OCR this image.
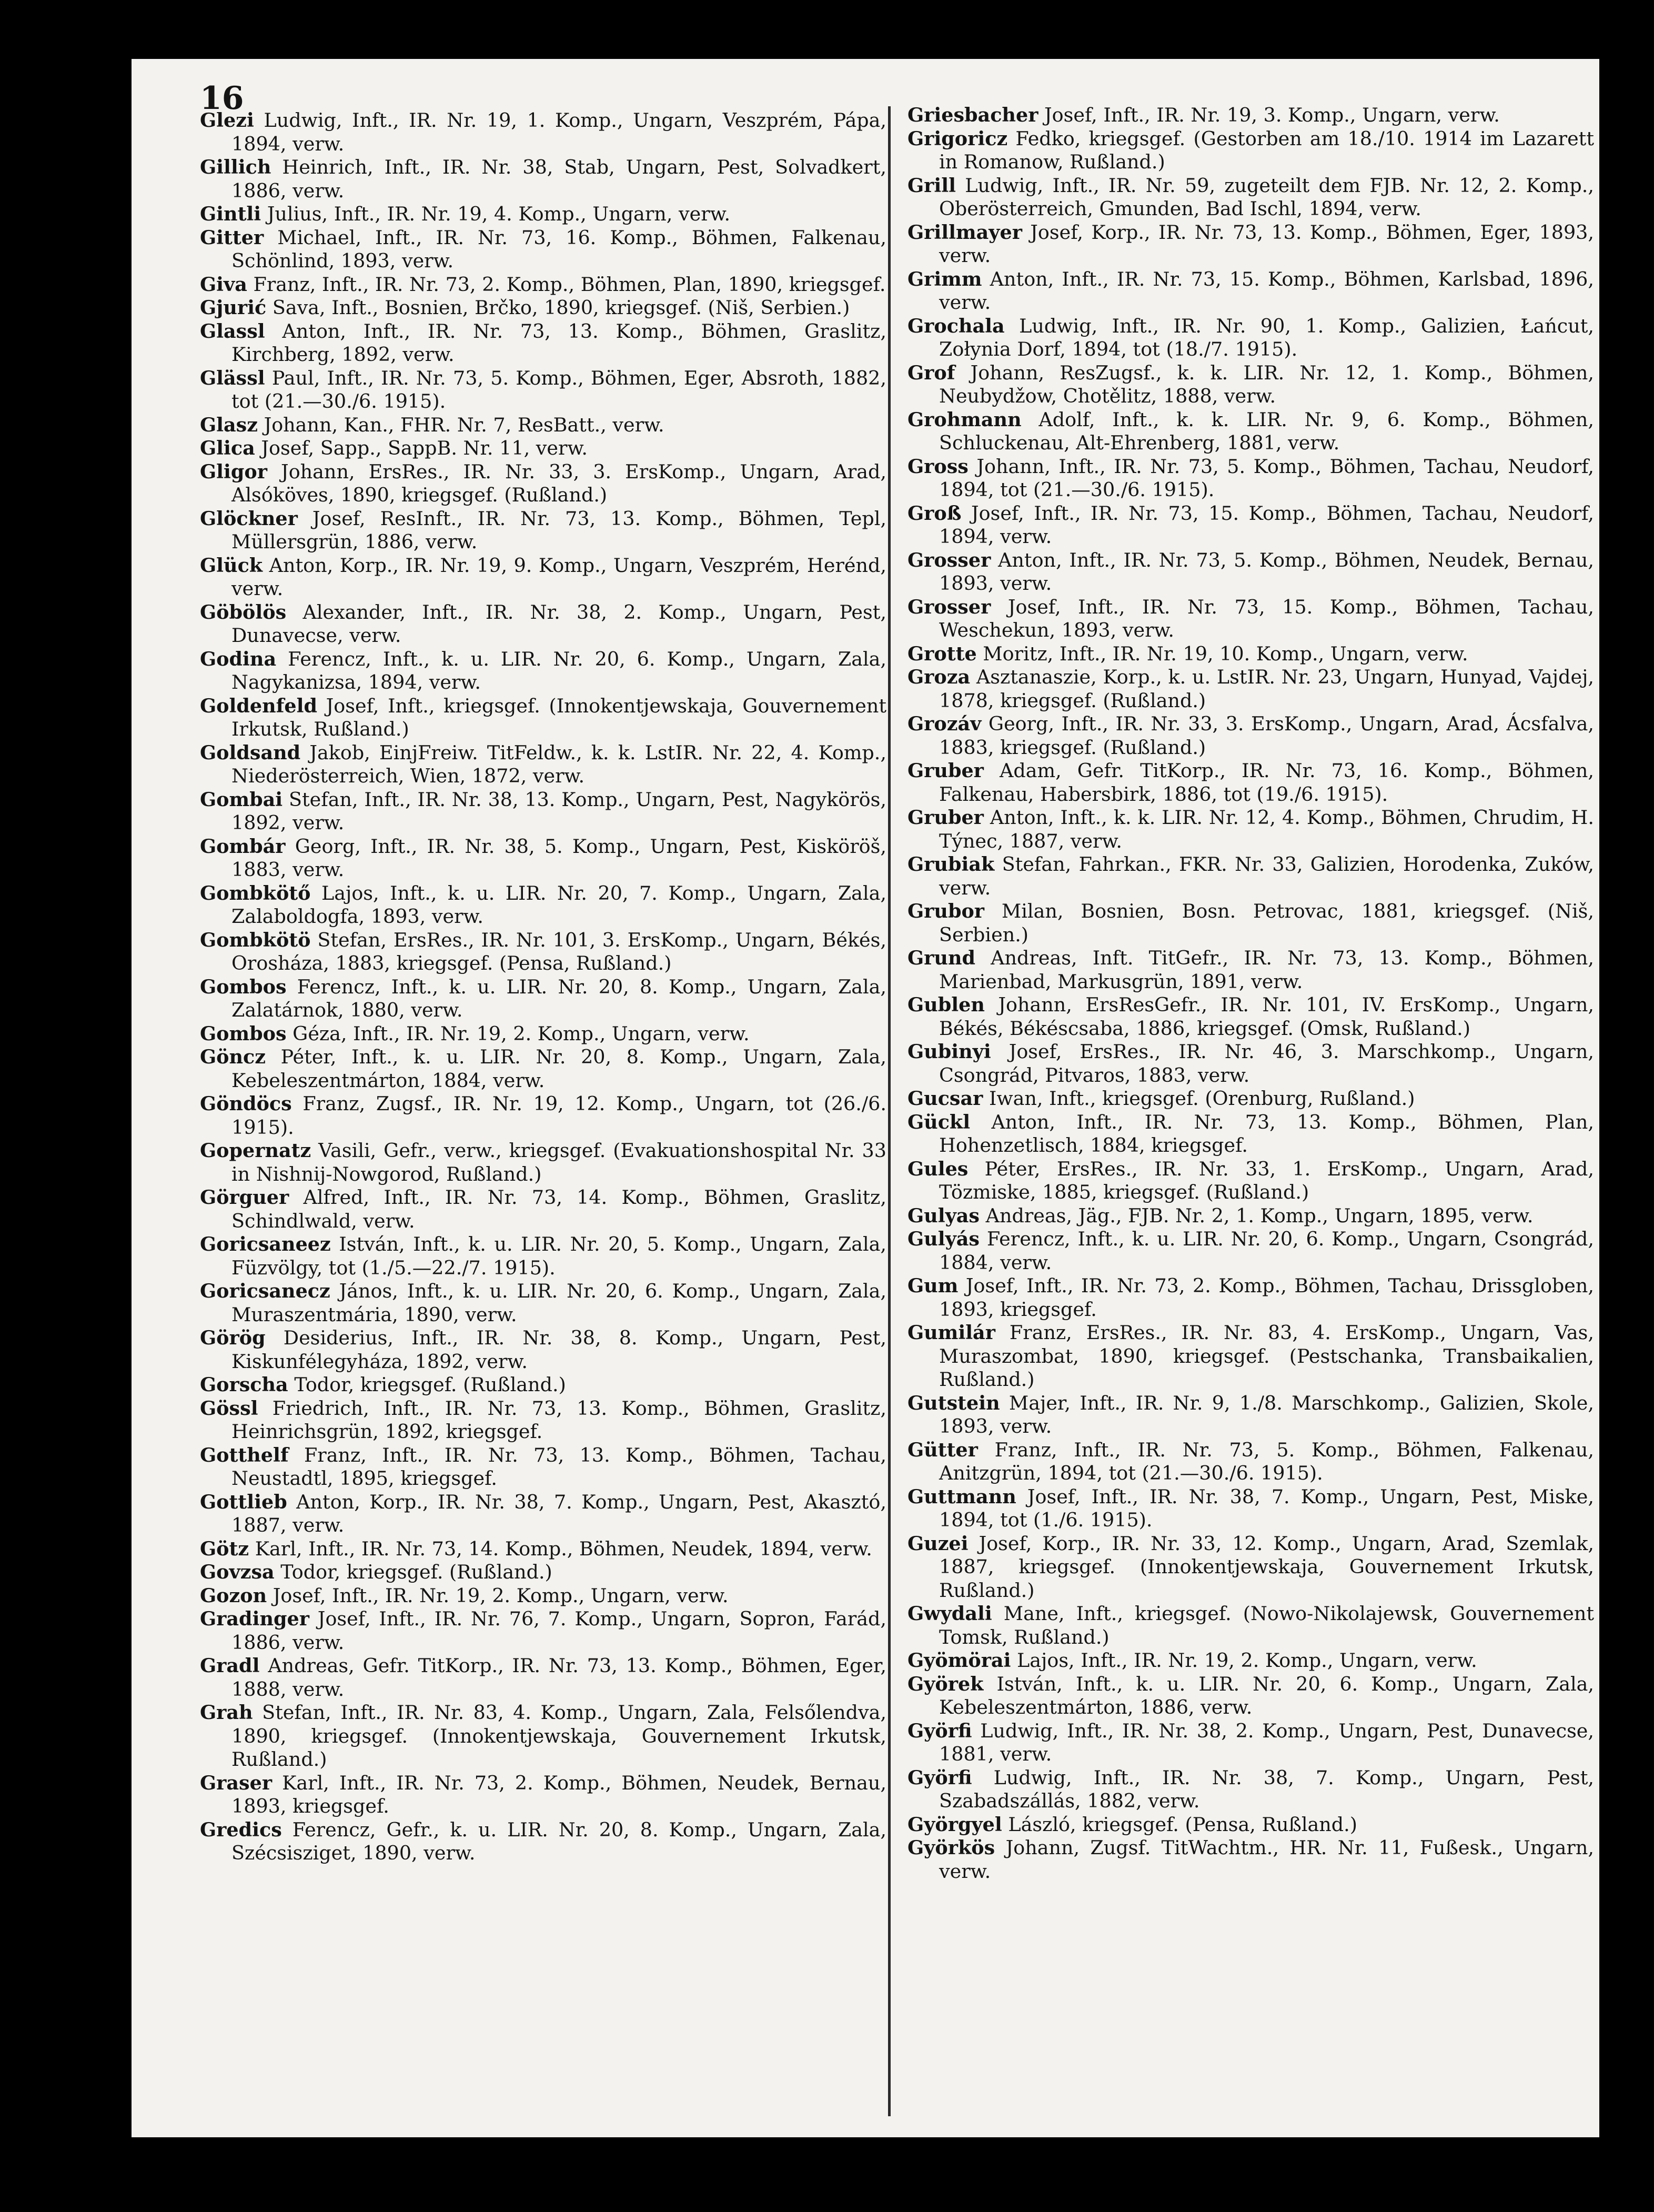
16

Glezi Ludwig, Inft., IR. Nr. 19, 1. Komp., Ungarn, Veszprém, Pápa, 1894, verw.

Gillich Heinrich, Inft., IR. Nr. 38, Stab, Ungarn, Pest, Solvadkert, 1886, verw.

Gintli Julius, Inft., IR. Nr. 19, 4. Komp., Ungarn, verw.

Gitter Michael, Inft., IR. Nr. 73, 16. Komp., Böhmen, Falkenau, Schönlind, 1893, verw.

Giva Franz, Inft., IR. Nr. 73, 2. Komp., Böhmen, Plan, 1890, kriegsgef.

Gjurić Sava, Inft., Bosnien, Brčko, 1890, kriegsgef. (Niš, Serbien.)

Glassl Anton, Inft., IR. Nr. 73, 13. Komp., Böhmen, Graslitz, Kirchberg, 1892, verw.

Glässl Paul, Inft., IR. Nr. 73, 5. Komp., Böhmen, Eger, Absroth, 1882, tot (21.—30./6. 1915).

Glasz Johann, Kan., FHR. Nr. 7, ResBatt., verw.

Glica Josef, Sapp., SappB. Nr. 11, verw.

Gligor Johann, ErsRes., IR. Nr. 33, 3. ErsKomp., Ungarn, Arad, Alsóköves, 1890, kriegsgef. (Rußland.)

Glöckner Josef, ResInft., IR. Nr. 73, 13. Komp., Böhmen, Tepl, Müllersgrün, 1886, verw.

Glück Anton, Korp., IR. Nr. 19, 9. Komp., Ungarn, Veszprém, Herénd, verw.

Göbölös Alexander, Inft., IR. Nr. 38, 2. Komp., Ungarn, Pest, Dunavecse, verw.

Godina Ferencz, Inft., k. u. LIR. Nr. 20, 6. Komp., Ungarn, Zala, Nagykanizsa, 1894, verw.

Goldenfeld Josef, Inft., kriegsgef. (Innokentjewskaja, Gouvernement Irkutsk, Rußland.)

Goldsand Jakob, EinjFreiw. TitFeldw., k. k. LstIR. Nr. 22, 4. Komp., Niederösterreich, Wien, 1872, verw.

Gombai Stefan, Inft., IR. Nr. 38, 13. Komp., Ungarn, Pest, Nagykörös, 1892, verw.

Gombár Georg, Inft., IR. Nr. 38, 5. Komp., Ungarn, Pest, Kisköröš, 1883, verw.

Gombkötő Lajos, Inft., k. u. LIR. Nr. 20, 7. Komp., Ungarn, Zala, Zalaboldogfa, 1893, verw.

Gombkötö Stefan, ErsRes., IR. Nr. 101, 3. ErsKomp., Ungarn, Békés, Orosháza, 1883, kriegsgef. (Pensa, Rußland.)

Gombos Ferencz, Inft., k. u. LIR. Nr. 20, 8. Komp., Ungarn, Zala, Zalatárnok, 1880, verw.

Gombos Géza, Inft., IR. Nr. 19, 2. Komp., Ungarn, verw.

Göncz Péter, Inft., k. u. LIR. Nr. 20, 8. Komp., Ungarn, Zala, Kebeleszentmárton, 1884, verw.

Göndöcs Franz, Zugsf., IR. Nr. 19, 12. Komp., Ungarn, tot (26./6. 1915).

Gopernatz Vasili, Gefr., verw., kriegsgef. (Evakuationshospital Nr. 33 in Nishnij-Nowgorod, Rußland.)

Görguer Alfred, Inft., IR. Nr. 73, 14. Komp., Böhmen, Graslitz, Schindlwald, verw.

Goricsaneez István, Inft., k. u. LIR. Nr. 20, 5. Komp., Ungarn, Zala, Füzvölgy, tot (1./5.—22./7. 1915).

Goricsanecz János, Inft., k. u. LIR. Nr. 20, 6. Komp., Ungarn, Zala, Muraszentmária, 1890, verw.

Görög Desiderius, Inft., IR. Nr. 38, 8. Komp., Ungarn, Pest, Kiskunfélegyháza, 1892, verw.

Gorscha Todor, kriegsgef. (Rußland.)

Gössl Friedrich, Inft., IR. Nr. 73, 13. Komp., Böhmen, Graslitz, Heinrichsgrün, 1892, kriegsgef.

Gotthelf Franz, Inft., IR. Nr. 73, 13. Komp., Böhmen, Tachau, Neustadtl, 1895, kriegsgef.

Gottlieb Anton, Korp., IR. Nr. 38, 7. Komp., Ungarn, Pest, Akasztó, 1887, verw.

Götz Karl, Inft., IR. Nr. 73, 14. Komp., Böhmen, Neudek, 1894, verw.

Govzsa Todor, kriegsgef. (Rußland.)

Gozon Josef, Inft., IR. Nr. 19, 2. Komp., Ungarn, verw.

Gradinger Josef, Inft., IR. Nr. 76, 7. Komp., Ungarn, Sopron, Farád, 1886, verw.

Gradl Andreas, Gefr. TitKorp., IR. Nr. 73, 13. Komp., Böhmen, Eger, 1888, verw.

Grah Stefan, Inft., IR. Nr. 83, 4. Komp., Ungarn, Zala, Felsőlendva, 1890, kriegsgef. (Innokentjewskaja, Gouvernement Irkutsk, Rußland.)

Graser Karl, Inft., IR. Nr. 73, 2. Komp., Böhmen, Neudek, Bernau, 1893, kriegsgef.

Gredics Ferencz, Gefr., k. u. LIR. Nr. 20, 8. Komp., Ungarn, Zala, Szécsisziget, 1890, verw.

Griesbacher Josef, Inft., IR. Nr. 19, 3. Komp., Ungarn, verw.

Grigoricz Fedko, kriegsgef. (Gestorben am 18./10. 1914 im Lazarett in Romanow, Rußland.)

Grill Ludwig, Inft., IR. Nr. 59, zugeteilt dem FJB. Nr. 12, 2. Komp., Oberösterreich, Gmunden, Bad Ischl, 1894, verw.

Grillmayer Josef, Korp., IR. Nr. 73, 13. Komp., Böhmen, Eger, 1893, verw.

Grimm Anton, Inft., IR. Nr. 73, 15. Komp., Böhmen, Karlsbad, 1896, verw.

Grochala Ludwig, Inft., IR. Nr. 90, 1. Komp., Galizien, Łańcut, Zołynia Dorf, 1894, tot (18./7. 1915).

Grof Johann, ResZugsf., k. k. LIR. Nr. 12, 1. Komp., Böhmen, Neubydžow, Chotělitz, 1888, verw.

Grohmann Adolf, Inft., k. k. LIR. Nr. 9, 6. Komp., Böhmen, Schluckenau, Alt-Ehrenberg, 1881, verw.

Gross Johann, Inft., IR. Nr. 73, 5. Komp., Böhmen, Tachau, Neudorf, 1894, tot (21.—30./6. 1915).

Groß Josef, Inft., IR. Nr. 73, 15. Komp., Böhmen, Tachau, Neudorf, 1894, verw.

Grosser Anton, Inft., IR. Nr. 73, 5. Komp., Böhmen, Neudek, Bernau, 1893, verw.

Grosser Josef, Inft., IR. Nr. 73, 15. Komp., Böhmen, Tachau, Weschekun, 1893, verw.

Grotte Moritz, Inft., IR. Nr. 19, 10. Komp., Ungarn, verw.

Groza Asztanaszie, Korp., k. u. LstIR. Nr. 23, Ungarn, Hunyad, Vajdej, 1878, kriegsgef. (Rußland.)

Grozáv Georg, Inft., IR. Nr. 33, 3. ErsKomp., Ungarn, Arad, Ácsfalva, 1883, kriegsgef. (Rußland.)

Gruber Adam, Gefr. TitKorp., IR. Nr. 73, 16. Komp., Böhmen, Falkenau, Habersbirk, 1886, tot (19./6. 1915).

Gruber Anton, Inft., k. k. LIR. Nr. 12, 4. Komp., Böhmen, Chrudim, H. Týnec, 1887, verw.

Grubiak Stefan, Fahrkan., FKR. Nr. 33, Galizien, Horodenka, Zuków, verw.

Grubor Milan, Bosnien, Bosn. Petrovac, 1881, kriegsgef. (Niš, Serbien.)

Grund Andreas, Inft. TitGefr., IR. Nr. 73, 13. Komp., Böhmen, Marienbad, Markusgrün, 1891, verw.

Gublen Johann, ErsResGefr., IR. Nr. 101, IV. ErsKomp., Ungarn, Békés, Békéscsaba, 1886, kriegsgef. (Omsk, Rußland.)

Gubinyi Josef, ErsRes., IR. Nr. 46, 3. Marschkomp., Ungarn, Csongrád, Pitvaros, 1883, verw.

Gucsar Iwan, Inft., kriegsgef. (Orenburg, Rußland.)

Gückl Anton, Inft., IR. Nr. 73, 13. Komp., Böhmen, Plan, Hohenzetlisch, 1884, kriegsgef.

Gules Péter, ErsRes., IR. Nr. 33, 1. ErsKomp., Ungarn, Arad, Tözmiske, 1885, kriegsgef. (Rußland.)

Gulyas Andreas, Jäg., FJB. Nr. 2, 1. Komp., Ungarn, 1895, verw.

Gulyás Ferencz, Inft., k. u. LIR. Nr. 20, 6. Komp., Ungarn, Csongrád, 1884, verw.

Gum Josef, Inft., IR. Nr. 73, 2. Komp., Böhmen, Tachau, Drissgloben, 1893, kriegsgef.

Gumilár Franz, ErsRes., IR. Nr. 83, 4. ErsKomp., Ungarn, Vas, Muraszombat, 1890, kriegsgef. (Pestschanka, Transbaikalien, Rußland.)

Gutstein Majer, Inft., IR. Nr. 9, 1./8. Marschkomp., Galizien, Skole, 1893, verw.

Gütter Franz, Inft., IR. Nr. 73, 5. Komp., Böhmen, Falkenau, Anitzgrün, 1894, tot (21.—30./6. 1915).

Guttmann Josef, Inft., IR. Nr. 38, 7. Komp., Ungarn, Pest, Miske, 1894, tot (1./6. 1915).

Guzei Josef, Korp., IR. Nr. 33, 12. Komp., Ungarn, Arad, Szemlak, 1887, kriegsgef. (Innokentjewskaja, Gouvernement Irkutsk, Rußland.)

Gwydali Mane, Inft., kriegsgef. (Nowo-Nikolajewsk, Gouvernement Tomsk, Rußland.)

Gyömörai Lajos, Inft., IR. Nr. 19, 2. Komp., Ungarn, verw.

Györek István, Inft., k. u. LIR. Nr. 20, 6. Komp., Ungarn, Zala, Kebeleszentmárton, 1886, verw.

Györfi Ludwig, Inft., IR. Nr. 38, 2. Komp., Ungarn, Pest, Dunavecse, 1881, verw.

Györfi Ludwig, Inft., IR. Nr. 38, 7. Komp., Ungarn, Pest, Szabadszállás, 1882, verw.

Györgyel László, kriegsgef. (Pensa, Rußland.)

Györkös Johann, Zugsf. TitWachtm., HR. Nr. 11, Fußesk., Ungarn, verw.
